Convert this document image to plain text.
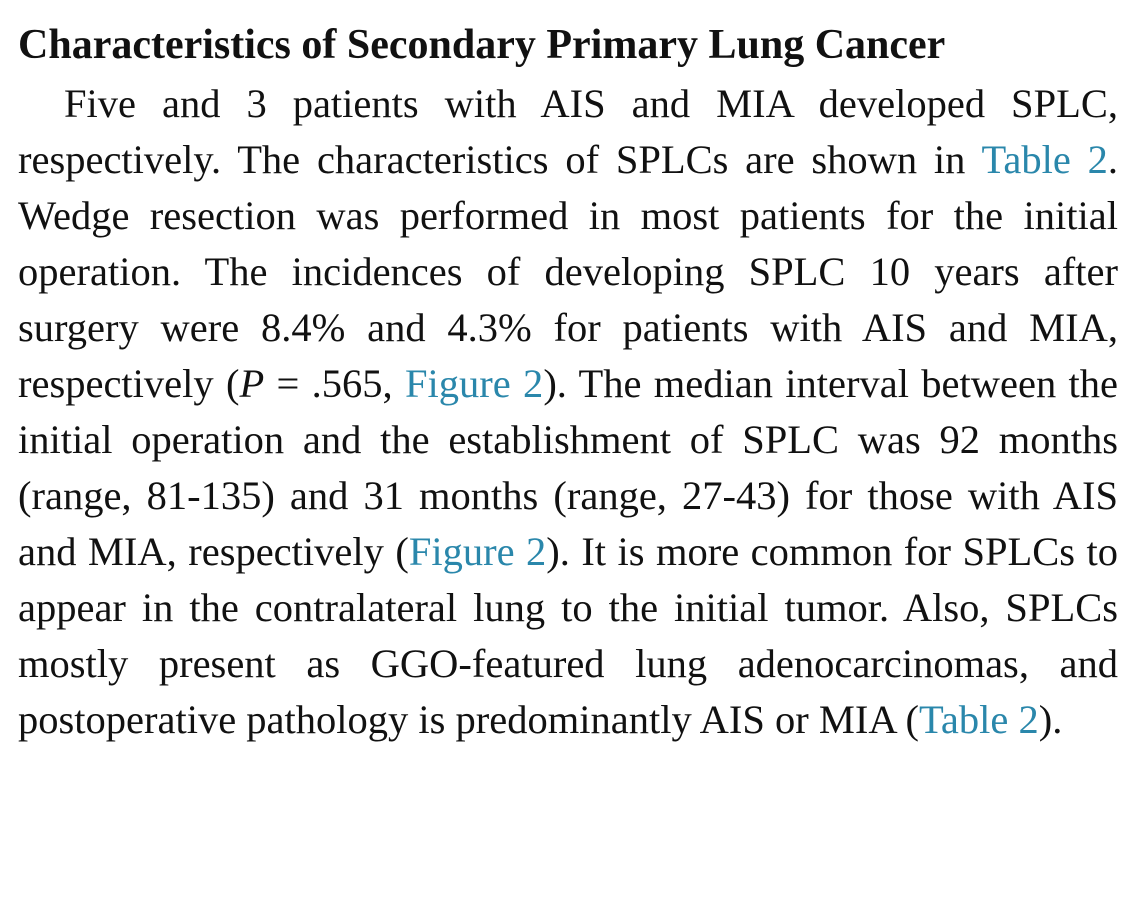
Characteristics of Secondary Primary Lung Cancer

Five and 3 patients with AIS and MIA developed SPLC, respectively. The characteristics of SPLCs are shown in Table 2. Wedge resection was performed in most patients for the initial operation. The incidences of developing SPLC 10 years after surgery were 8.4% and 4.3% for patients with AIS and MIA, respectively (P = .565, Figure 2). The median interval between the initial operation and the establishment of SPLC was 92 months (range, 81-135) and 31 months (range, 27-43) for those with AIS and MIA, respectively (Figure 2). It is more common for SPLCs to appear in the contralateral lung to the initial tumor. Also, SPLCs mostly present as GGO-featured lung adenocarcinomas, and postoperative pathology is predominantly AIS or MIA (Table 2).
